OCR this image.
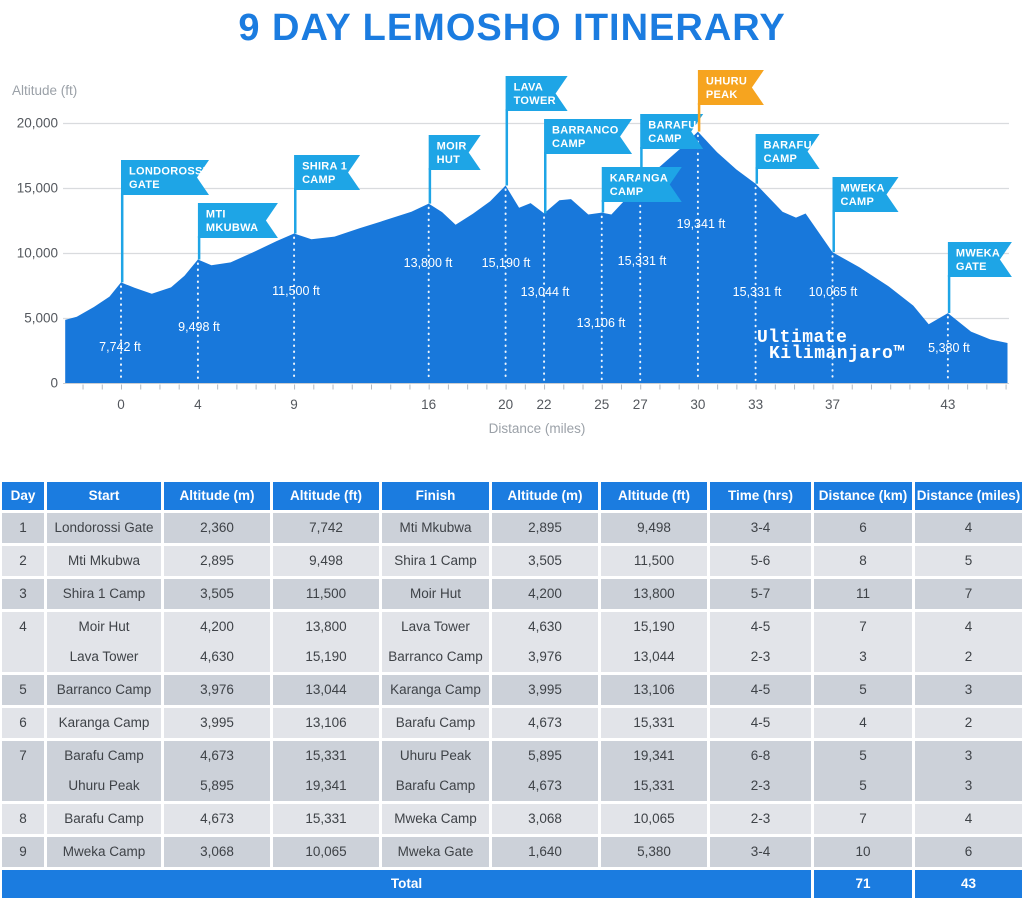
9 DAY LEMOSHO ITINERARY
Altitude (ft)
0
5,000
10,000
15,000
20,000
7,742 ft
9,498 ft
11,500 ft
13,800 ft 15,190 ft
13,044 ft
13,106 ft
15,331 ft
19,341 ft
15,331 ft 10,065 ft
5,380 ft
Ultimate
Kilimanjaro™
LONDOROSSI
GATE
MTI
MKUBWA
SHIRA 1
CAMP
MOIR
HUT
LAVA
TOWER
BARRANCO
CAMP
KARANGA
CAMP
BARAFU
CAMP
UHURU
PEAK
BARAFU
CAMP
MWEKA
CAMP
MWEKA
GATE
0	4	9	16	20 22	25 27	30	33	37	43
Distance (miles)
Day	Start	Altitude (m)	Altitude (ft)	Finish	Altitude (m)	Altitude (ft)	Time (hrs)	Distance (km)	Distance (miles)
1	Londorossi Gate	2,360	7,742	Mti Mkubwa	2,895	9,498	3-4	6	4
2	Mti Mkubwa	2,895	9,498	Shira 1 Camp	3,505	11,500	5-6	8	5
3	Shira 1 Camp	3,505	11,500	Moir Hut	4,200	13,800	5-7	11	7
4	Moir Hut	4,200	13,800	Lava Tower	4,630	15,190	4-5	7	4
	Lava Tower	4,630	15,190	Barranco Camp	3,976	13,044	2-3	3	2
5	Barranco Camp	3,976	13,044	Karanga Camp	3,995	13,106	4-5	5	3
6	Karanga Camp	3,995	13,106	Barafu Camp	4,673	15,331	4-5	4	2
7	Barafu Camp	4,673	15,331	Uhuru Peak	5,895	19,341	6-8	5	3
	Uhuru Peak	5,895	19,341	Barafu Camp	4,673	15,331	2-3	5	3
8	Barafu Camp	4,673	15,331	Mweka Camp	3,068	10,065	2-3	7	4
9	Mweka Camp	3,068	10,065	Mweka Gate	1,640	5,380	3-4	10	6
Total								71	43
